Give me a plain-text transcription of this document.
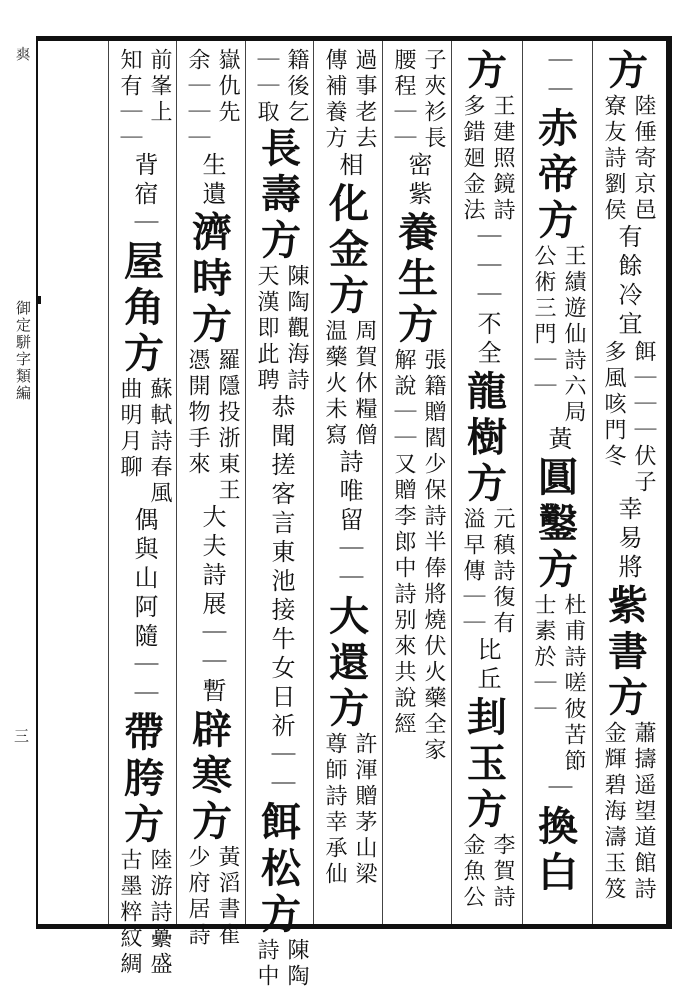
𤕤
御定駢字類編
三
方
陸倕寄京邑
寮友詩劉侯
有餘冷宜
餌｜｜｜伏子
多風咳門冬
幸易將
紫
書
方
蕭擣遥望道館詩
金輝碧海濤玉笈
｜｜
赤
帝
方
王績遊仙詩六局
公術三門｜｜
黃
圓
鑿
方
杜甫詩嗟彼苦節
士素於｜｜
｜
換
白
方
王建照鏡詩
多錯廻金法
｜｜｜不全
龍
樹
方
元稹詩復有
溢早傳｜｜
比丘
刲
玉
方
李賀詩
金魚公
子夾衫長
腰程｜｜
密紫
養
生
方
張籍贈閻少保詩半俸將燒伏火藥全家
解說｜｜又贈李郎中詩别來共說經
過事老去
傳補養方
相
化
金
方
周賀休糧僧
温藥火未寫
詩唯留｜｜
大
還
方
許渾贈茅山梁
尊師詩幸承仙
籍後乞
｜｜取
長
壽
方
陳陶觀海詩
天漢即此聘
恭聞搓客言東池接牛女日祈｜｜
餌
松
方
陳陶
詩中
嶽仇先
余｜｜｜
生遺
濟
時
方
羅隱投浙東王
憑開物手來
大夫詩展｜｜
暫
辟
寒
方
黃滔書崔
少府居詩
前峯上
知有｜｜
背宿｜
屋
角
方
蘇軾詩春風
曲明月聊
偶與山阿隨｜｜
帶
胯
方
陸游詩虆盛
古墨粹紋綢
